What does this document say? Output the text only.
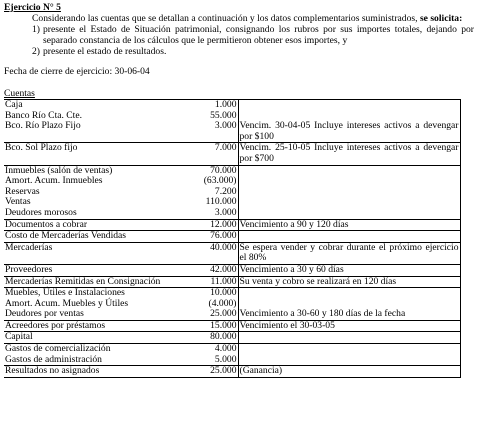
Ejercicio N° 5

Considerando las cuentas que se detallan a continuación y los datos complementarios suministrados, se solicita:

1) presente el Estado de Situación patrimonial, consignando los rubros por sus importes totales, dejando por separado constancia de los cálculos que le permitieron obtener esos importes, y
2) presente el estado de resultados.
Fecha de cierre de ejercicio: 30-06-04
Cuentas
Caja	1.000	
Banco Río Cta. Cte.	55.000	
Bco. Río Plazo Fijo	3.000	Vencim. 30-04-05 Incluye intereses activos a devengar por $100
Bco. Sol Plazo fijo	7.000	Vencim. 25-10-05 Incluye intereses activos a devengar por $700
Inmuebles (salón de ventas)	70.000	
Amort. Acum. Inmuebles	(63.000)	
Reservas	7.200	
Ventas	110.000	
Deudores morosos	3.000	
Documentos a cobrar	12.000	Vencimiento a 90 y 120 días
Costo de Mercaderías Vendidas	76.000	
Mercaderías	40.000	Se espera vender y cobrar durante el próximo ejercicio el 80%
Proveedores	42.000	Vencimiento a 30 y 60 días
Mercaderías Remitidas en Consignación	11.000	Su venta y cobro se realizará en 120 días
Muebles, Útiles e Instalaciones	10.000	
Amort. Acum. Muebles y Útiles	(4.000)	
Deudores por ventas	25.000	Vencimiento a 30-60 y 180 días de la fecha
Acreedores por préstamos	15.000	Vencimiento el 30-03-05
Capital	80.000	
Gastos de comercialización	4.000	
Gastos de administración	5.000	
Resultados no asignados	25.000	(Ganancia)
